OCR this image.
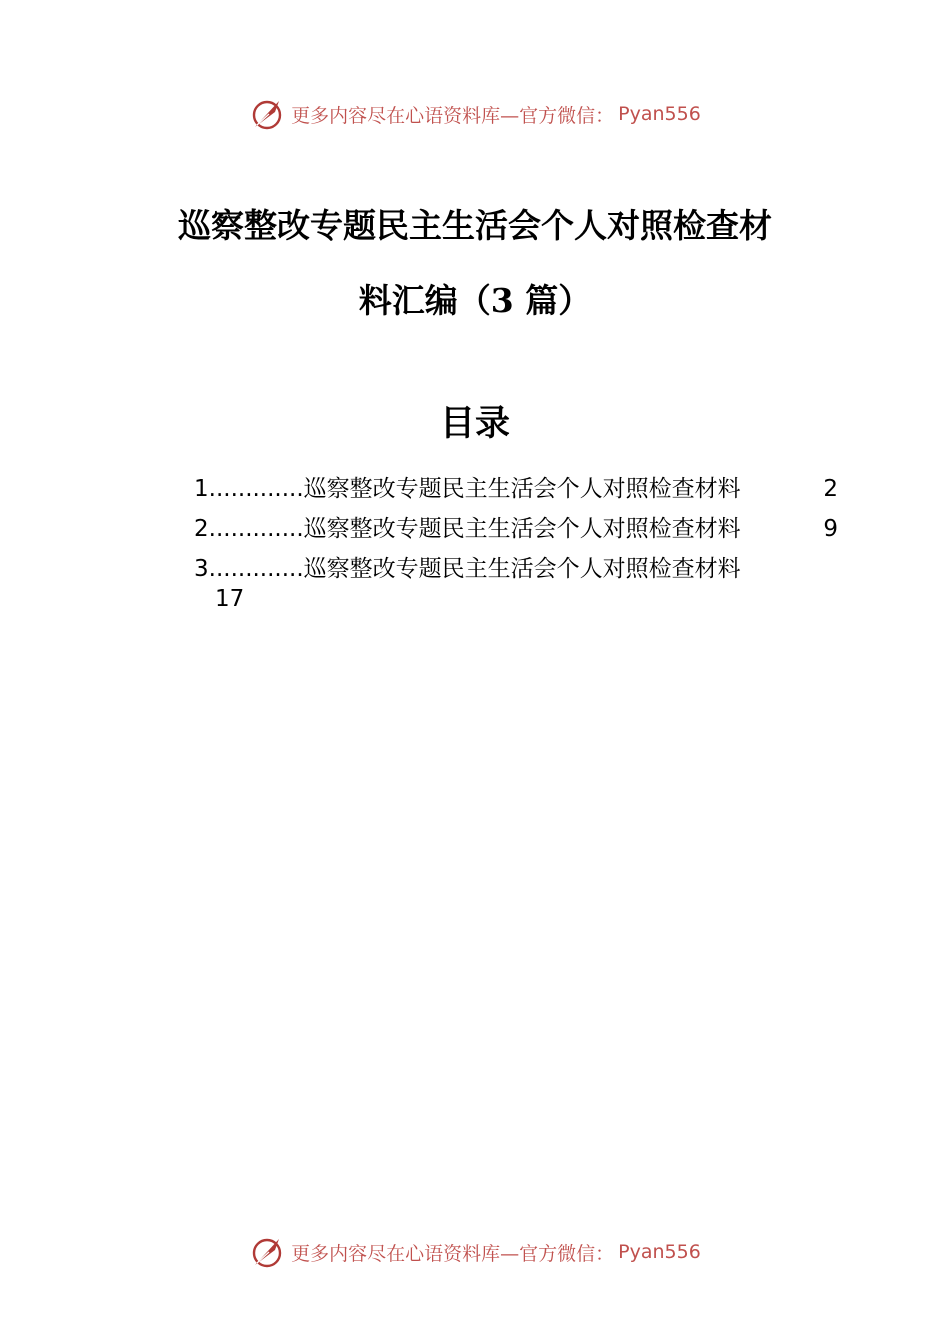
更多内容尽在心语资料库—官方微信： Pyan556
巡察整改专题民主生活会个人对照检查材
料汇编（3 篇）
目录
1.............巡察整改专题民主生活会个人对照检查材料	2
2.............巡察整改专题民主生活会个人对照检查材料	9
3.............巡察整改专题民主生活会个人对照检查材料
17
更多内容尽在心语资料库—官方微信： Pyan556
